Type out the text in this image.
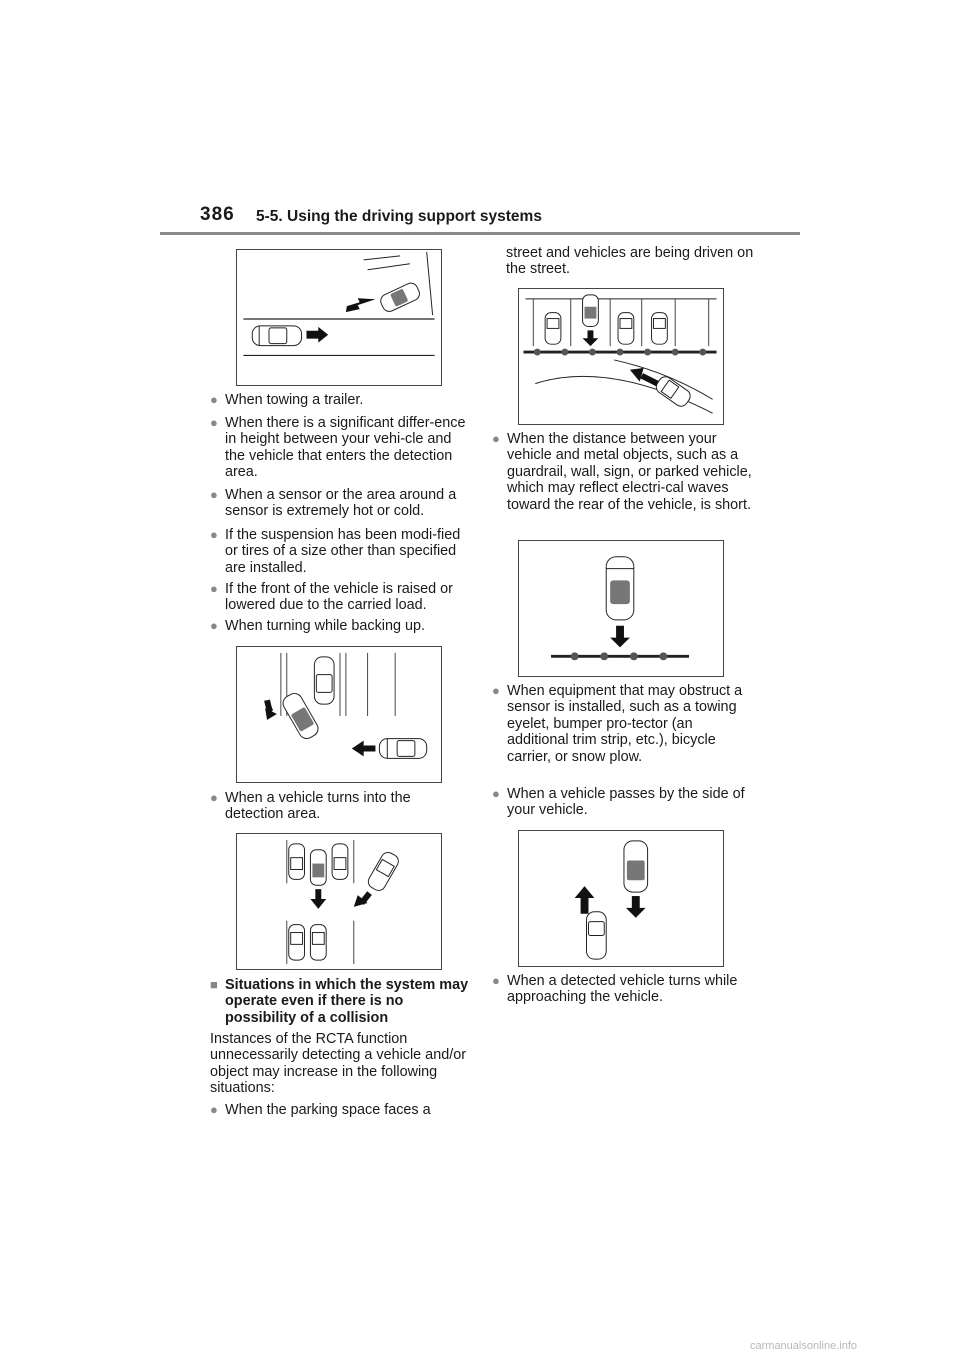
386 5-5. Using the driving support systems
● When towing a trailer.
● When there is a significant differ-ence in height between your vehi-cle and the vehicle that enters the detection area.
● When a sensor or the area around a sensor is extremely hot or cold.
● If the suspension has been modi-fied or tires of a size other than specified are installed.
● If the front of the vehicle is raised or lowered due to the carried load.
● When turning while backing up.
● When a vehicle turns into the detection area.
■ Situations in which the system may operate even if there is no possibility of a collision
Instances of the RCTA function unnecessarily detecting a vehicle and/or object may increase in the following situations:
● When the parking space faces a
street and vehicles are being driven on the street.
● When the distance between your vehicle and metal objects, such as a guardrail, wall, sign, or parked vehicle, which may reflect electri-cal waves toward the rear of the vehicle, is short.
● When equipment that may obstruct a sensor is installed, such as a towing eyelet, bumper pro-tector (an additional trim strip, etc.), bicycle carrier, or snow plow.
● When a vehicle passes by the side of your vehicle.
● When a detected vehicle turns while approaching the vehicle.
carmanualsonline.info
